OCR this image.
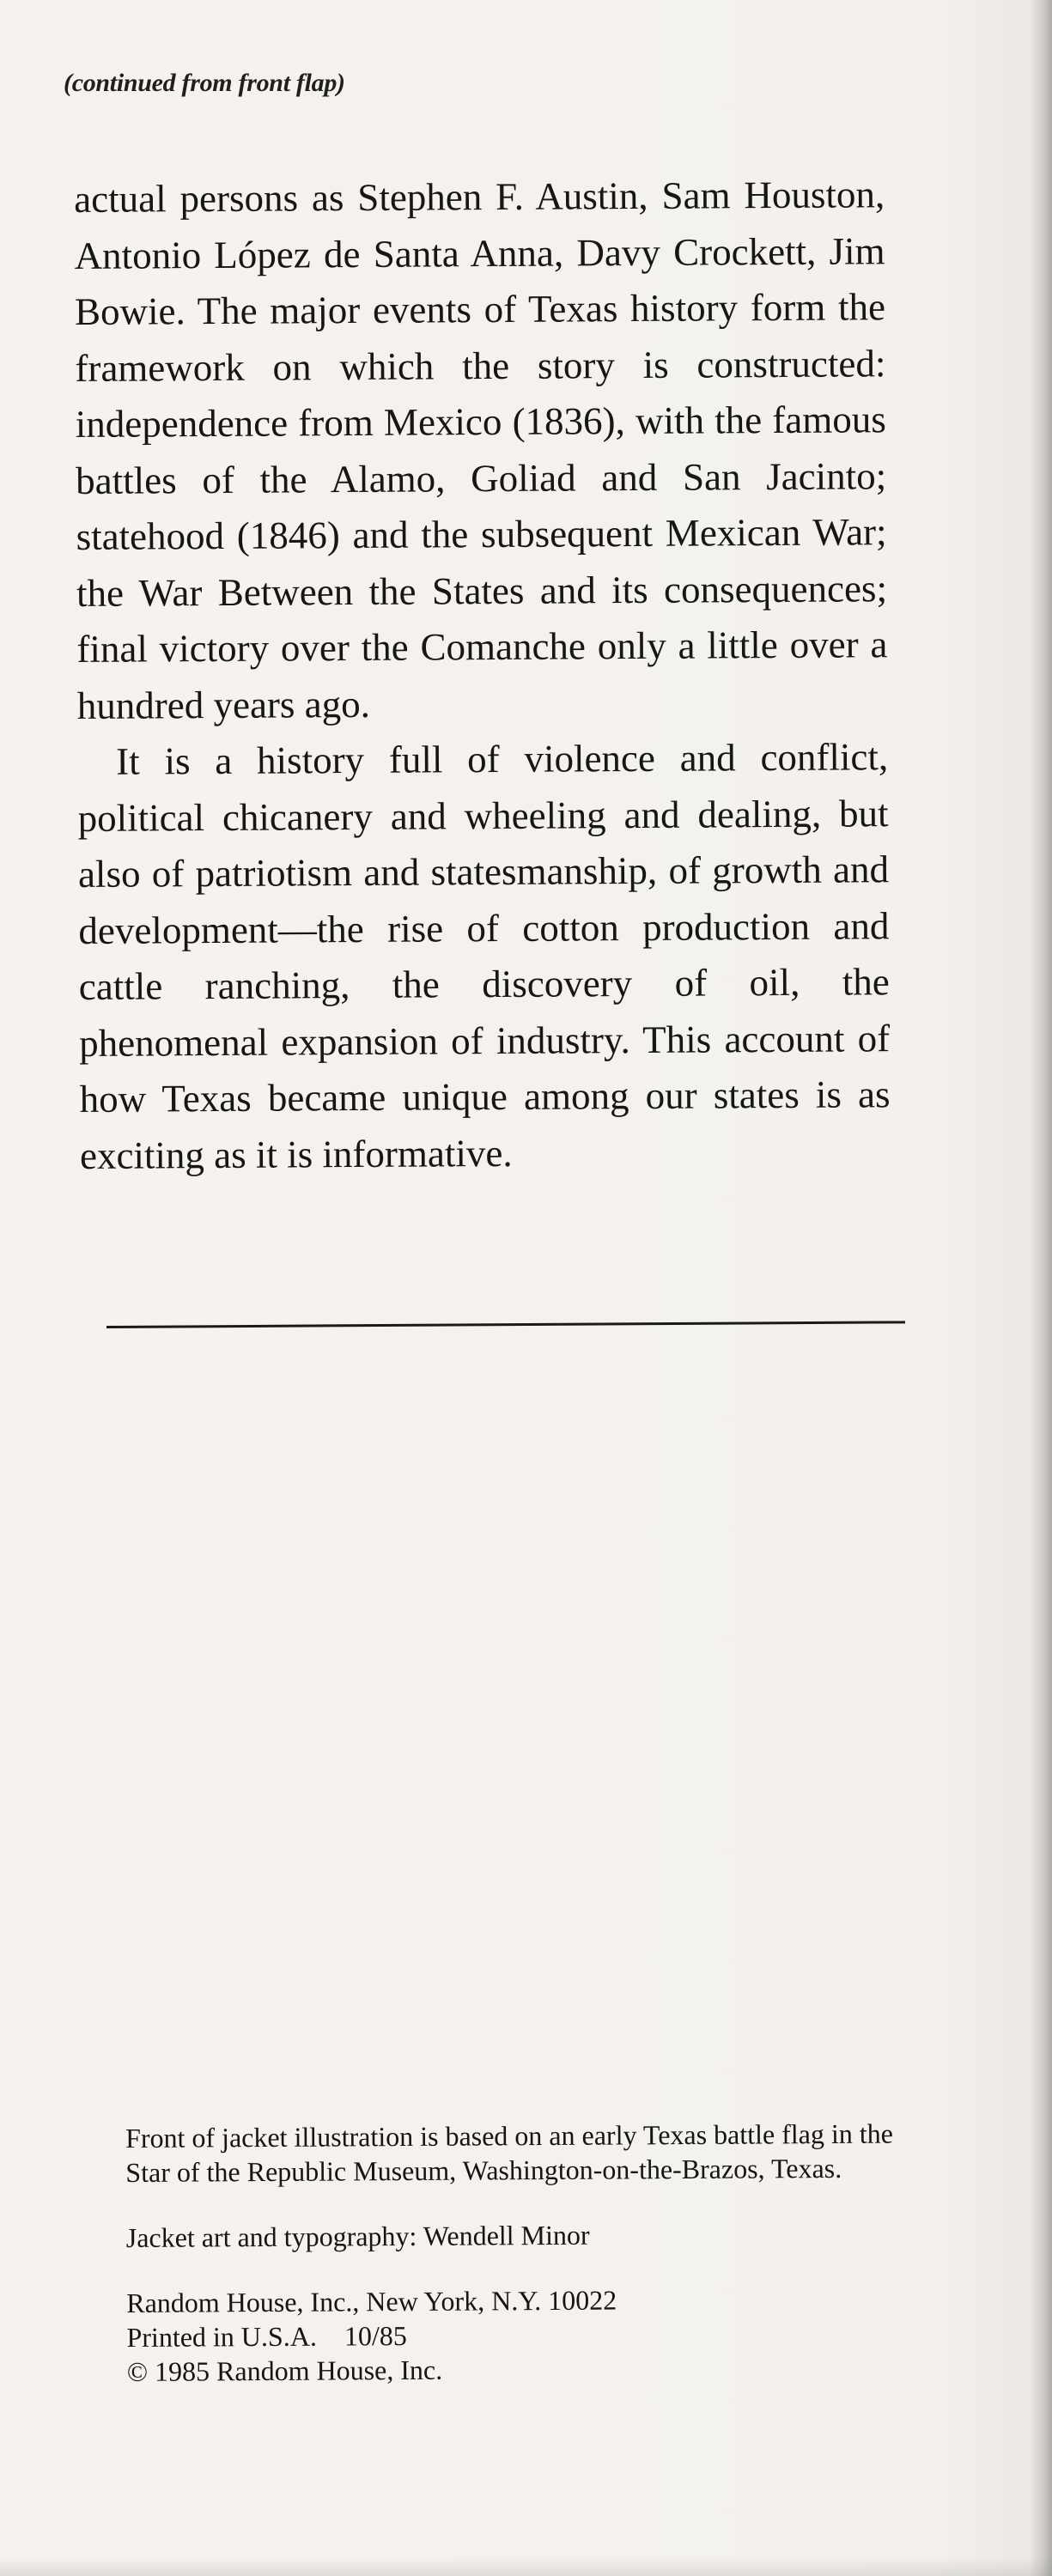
(continued from front flap)

actual persons as Stephen F. Austin, Sam Houston, Antonio López de Santa Anna, Davy Crockett, Jim Bowie. The major events of Texas history form the framework on which the story is constructed: independence from Mexico (1836), with the famous battles of the Alamo, Goliad and San Jacinto; statehood (1846) and the subsequent Mexican War; the War Between the States and its consequences; final victory over the Comanche only a little over a hundred years ago.

It is a history full of violence and conflict, political chicanery and wheeling and dealing, but also of patriotism and statesmanship, of growth and development—the rise of cotton production and cattle ranching, the discovery of oil, the phenomenal expansion of industry. This account of how Texas became unique among our states is as exciting as it is informative.

Front of jacket illustration is based on an early Texas battle flag in the Star of the Republic Museum, Washington-on-the-Brazos, Texas.

Jacket art and typography: Wendell Minor

Random House, Inc., New York, N.Y. 10022
Printed in U.S.A.    10/85
© 1985 Random House, Inc.
